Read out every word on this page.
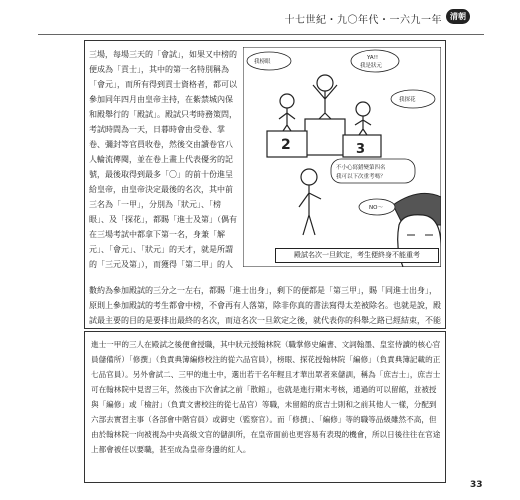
十七世紀・九〇年代・一六九一年	清朝

三場，每場三天的「會試」，如果又中榜的便成為「貢士」，其中的第一名特別稱為「會元」，而所有得到貢士資格者，都可以參加同年四月由皇帝主持，在紫禁城內保和殿舉行的「殿試」。殿試只考時務策問，考試時間為一天，日暮時會由受卷、掌卷、彌封等官員收卷，然後交由讀卷官八人輪流傳閱，並在卷上畫上代表優劣的記號，最後取得到最多「〇」的前十份進呈給皇帝，由皇帝決定最後的名次，其中前三名為「一甲」，分別為「狀元」、「榜眼」、及「探花」，都賜「進士及第」（偶有在三場考試中都拿下第一名，身兼「解元」、「會元」、「狀元」的天才，就是所謂的「三元及第」），而獲得「第二甲」的人

2	3
我榜眼
YA!!
我是狀元
我探花
不小心寫錯變第四名
我可以下次重考嗎？
NO～
殿試名次一旦欽定，考生便終身不能重考

數約為參加殿試的三分之一左右，都賜「進士出身」，剩下的便都是「第三甲」，賜「同進士出身」，原則上參加殿試的考生都會中榜，不會再有人落第，除非你真的書法寫得太差被除名。也就是說，殿試最主要的目的是要排出最終的名次，而這名次一旦欽定之後，就代表你的科舉之路已經結束，不能

進士一甲的三人在殿試之後便會授職，其中狀元授翰林院（職掌修史編書、文詞翰墨、皇室侍讀的核心官員儲備所）「修撰」（負責典簿編修校注的從六品官員），榜眼、探花授翰林院「編修」（負責典簿記載的正七品官員）。另外會試二、三甲的進士中，選出若干名年輕且才華出眾者來儲訓，稱為「庶吉士」，庶吉士可在翰林院中見習三年，然後由下次會試之前「散館」，也就是進行期末考核，通過的可以留館，並被授與「編修」或「檢討」（負責文書校注的從七品官）等職，未留館的庶吉士則和之前其他人一樣，分配到六部去實習主事（各部會中階官員）或御史（監察官）。而「修撰」、「編修」等的職等品級雖然不高，但由於翰林院一向被視為中央高級文官的儲訓所，在皇帝面前也更容易有表現的機會，所以日後往往在官途上都會被任以要職，甚至成為皇帝身邊的紅人。

33
